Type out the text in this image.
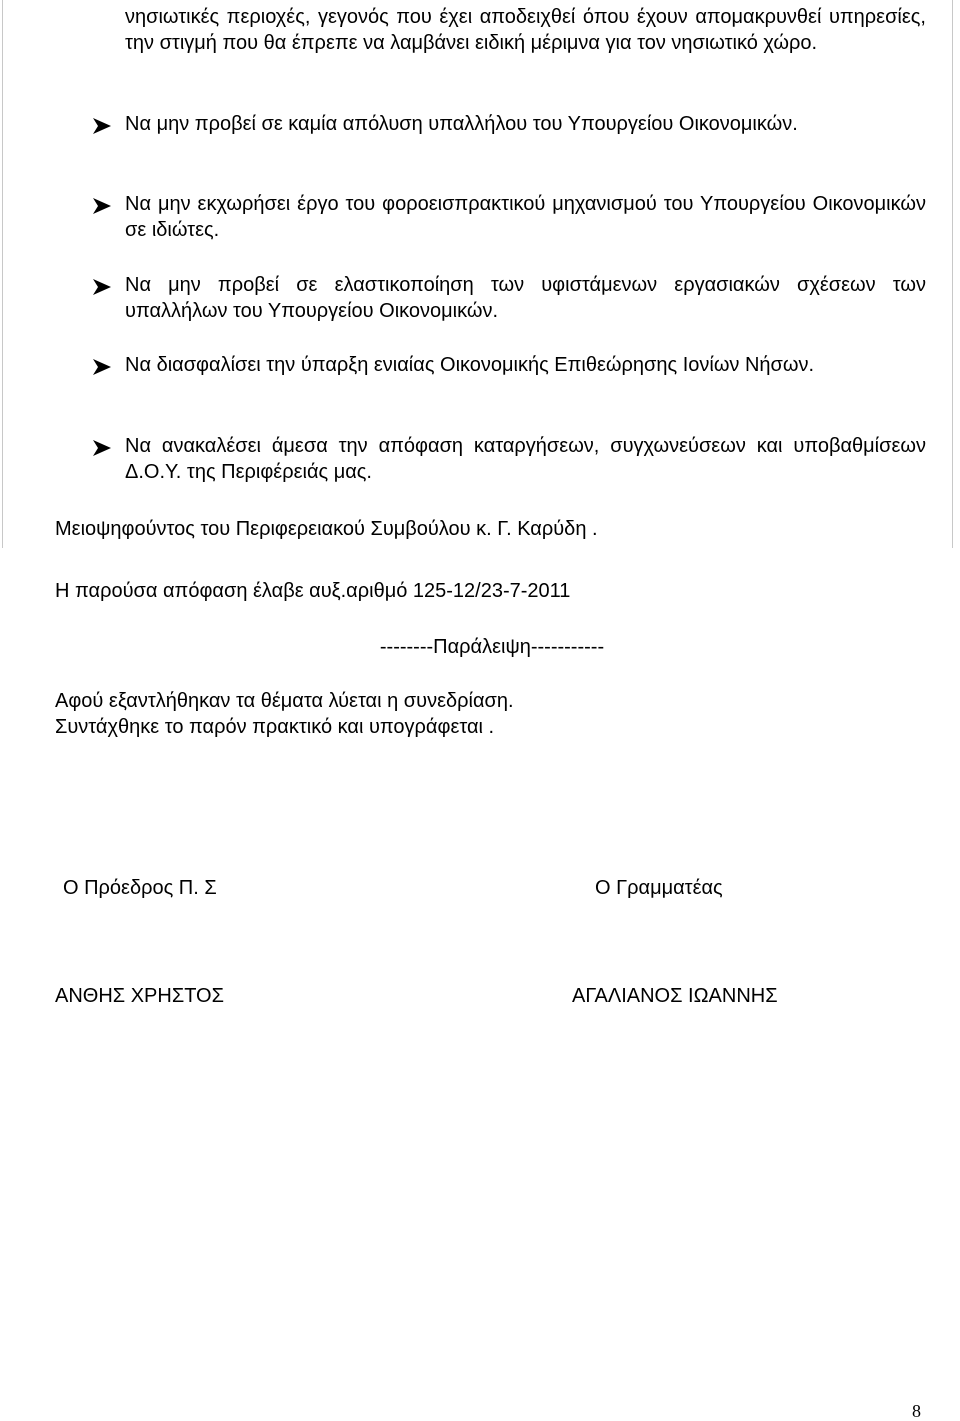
νησιωτικές περιοχές, γεγονός που έχει αποδειχθεί όπου έχουν απομακρυνθεί υπηρεσίες, την στιγμή που θα έπρεπε να λαμβάνει ειδική μέριμνα για τον νησιωτικό χώρο.
Να μην προβεί σε καμία απόλυση υπαλλήλου του Υπουργείου Οικονομικών.
Να μην εκχωρήσει έργο του φοροεισπρακτικού μηχανισμού του Υπουργείου Οικονομικών σε ιδιώτες.
Να μην προβεί σε ελαστικοποίηση των υφιστάμενων εργασιακών σχέσεων των υπαλλήλων του Υπουργείου Οικονομικών.
Να διασφαλίσει την ύπαρξη ενιαίας Οικονομικής Επιθεώρησης Ιονίων Νήσων.
Να ανακαλέσει άμεσα την απόφαση καταργήσεων, συγχωνεύσεων και υποβαθμίσεων Δ.Ο.Υ. της Περιφέρειάς μας.
Μειοψηφούντος του Περιφερειακού Συμβούλου κ. Γ. Καρύδη .
Η παρούσα απόφαση έλαβε αυξ.αριθμό 125-12/23-7-2011
--------Παράλειψη-----------
Αφού εξαντλήθηκαν τα θέματα λύεται η συνεδρίαση.
Συντάχθηκε το παρόν πρακτικό και υπογράφεται .
Ο Πρόεδρος Π. Σ	Ο Γραμματέας
ΑΝΘΗΣ ΧΡΗΣΤΟΣ	ΑΓΑΛΙΑΝΟΣ ΙΩΑΝΝΗΣ
8
